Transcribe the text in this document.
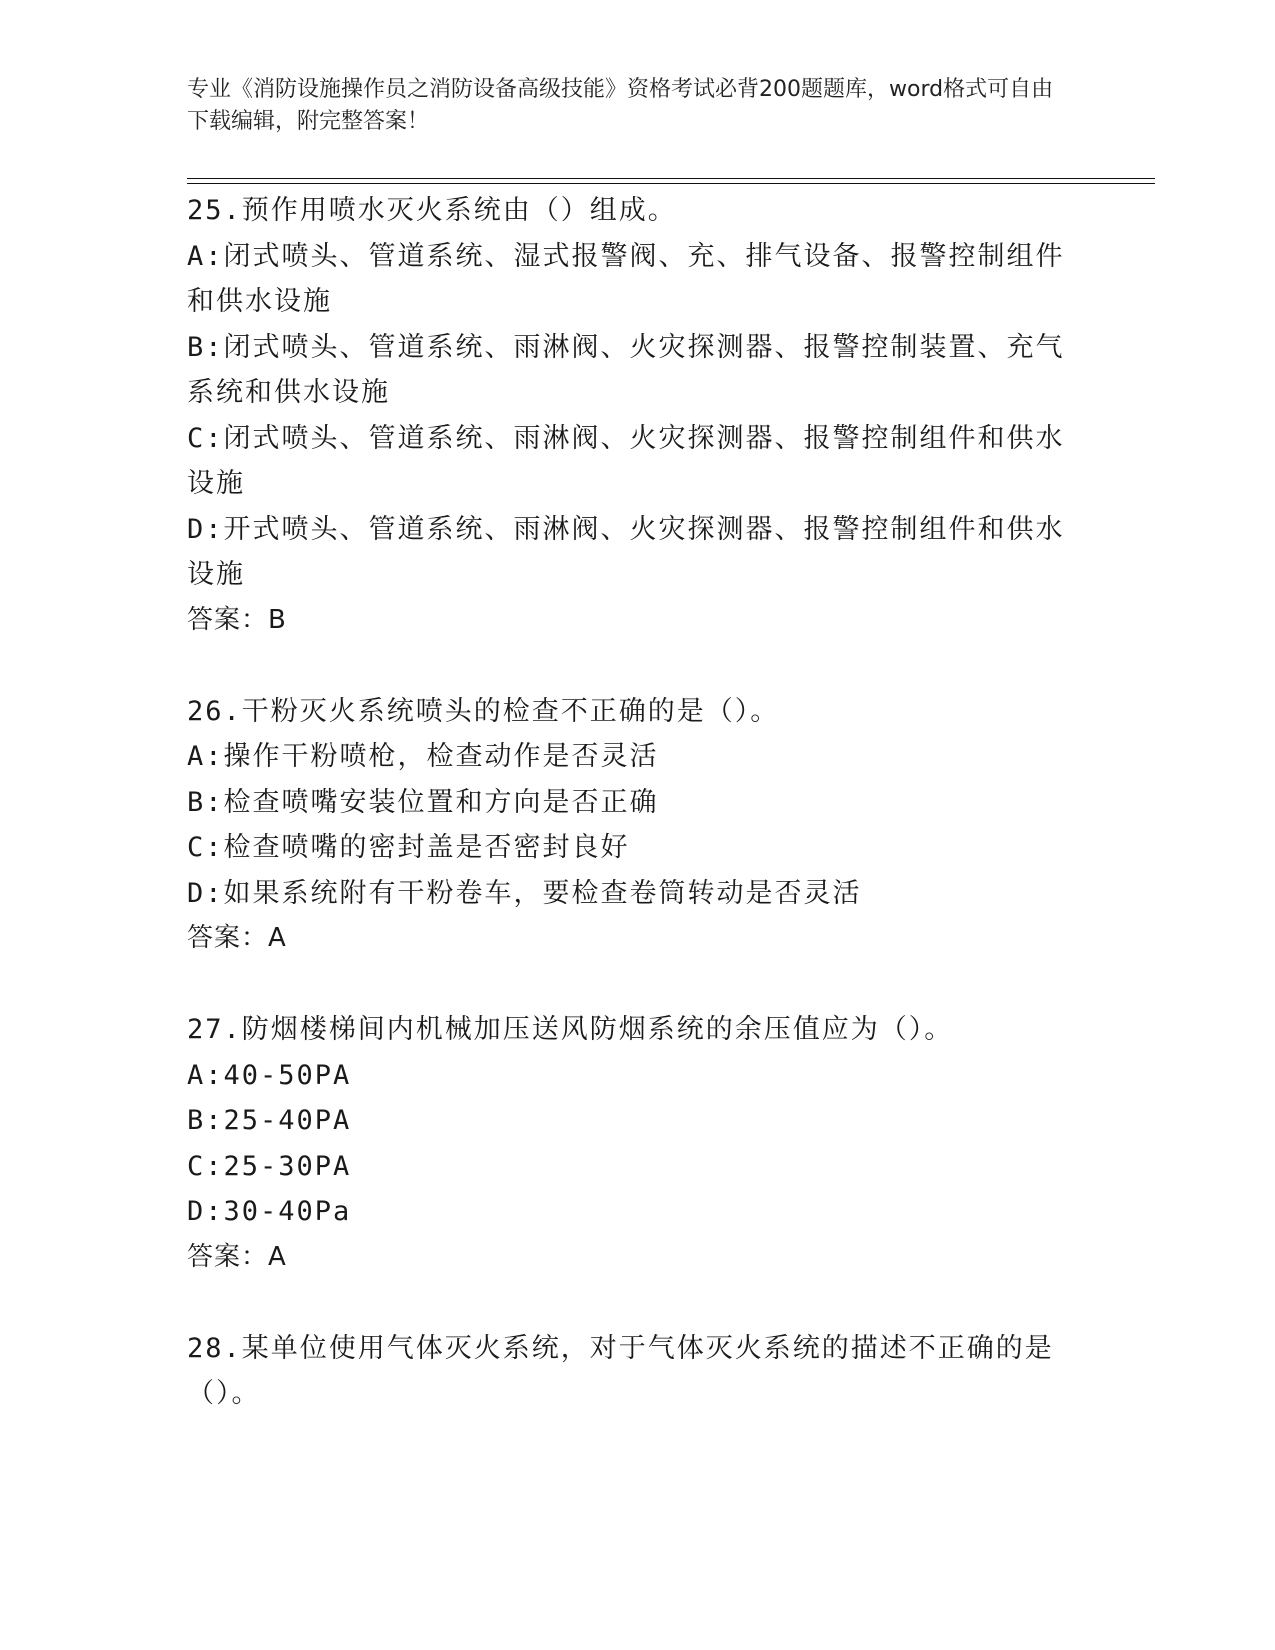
专业《消防设施操作员之消防设备高级技能》资格考试必背200题题库，word格式可自由下载编辑，附完整答案！

25.预作用喷水灭火系统由（）组成。

A:闭式喷头、管道系统、湿式报警阀、充、排气设备、报警控制组件和供水设施

B:闭式喷头、管道系统、雨淋阀、火灾探测器、报警控制装置、充气系统和供水设施

C:闭式喷头、管道系统、雨淋阀、火灾探测器、报警控制组件和供水设施

D:开式喷头、管道系统、雨淋阀、火灾探测器、报警控制组件和供水设施

答案：B

26.干粉灭火系统喷头的检查不正确的是（）。

A:操作干粉喷枪，检查动作是否灵活

B:检查喷嘴安装位置和方向是否正确

C:检查喷嘴的密封盖是否密封良好

D:如果系统附有干粉卷车，要检查卷筒转动是否灵活

答案：A

27.防烟楼梯间内机械加压送风防烟系统的余压值应为（）。

A:40-50PA

B:25-40PA

C:25-30PA

D:30-40Pa

答案：A

28.某单位使用气体灭火系统，对于气体灭火系统的描述不正确的是（）。
